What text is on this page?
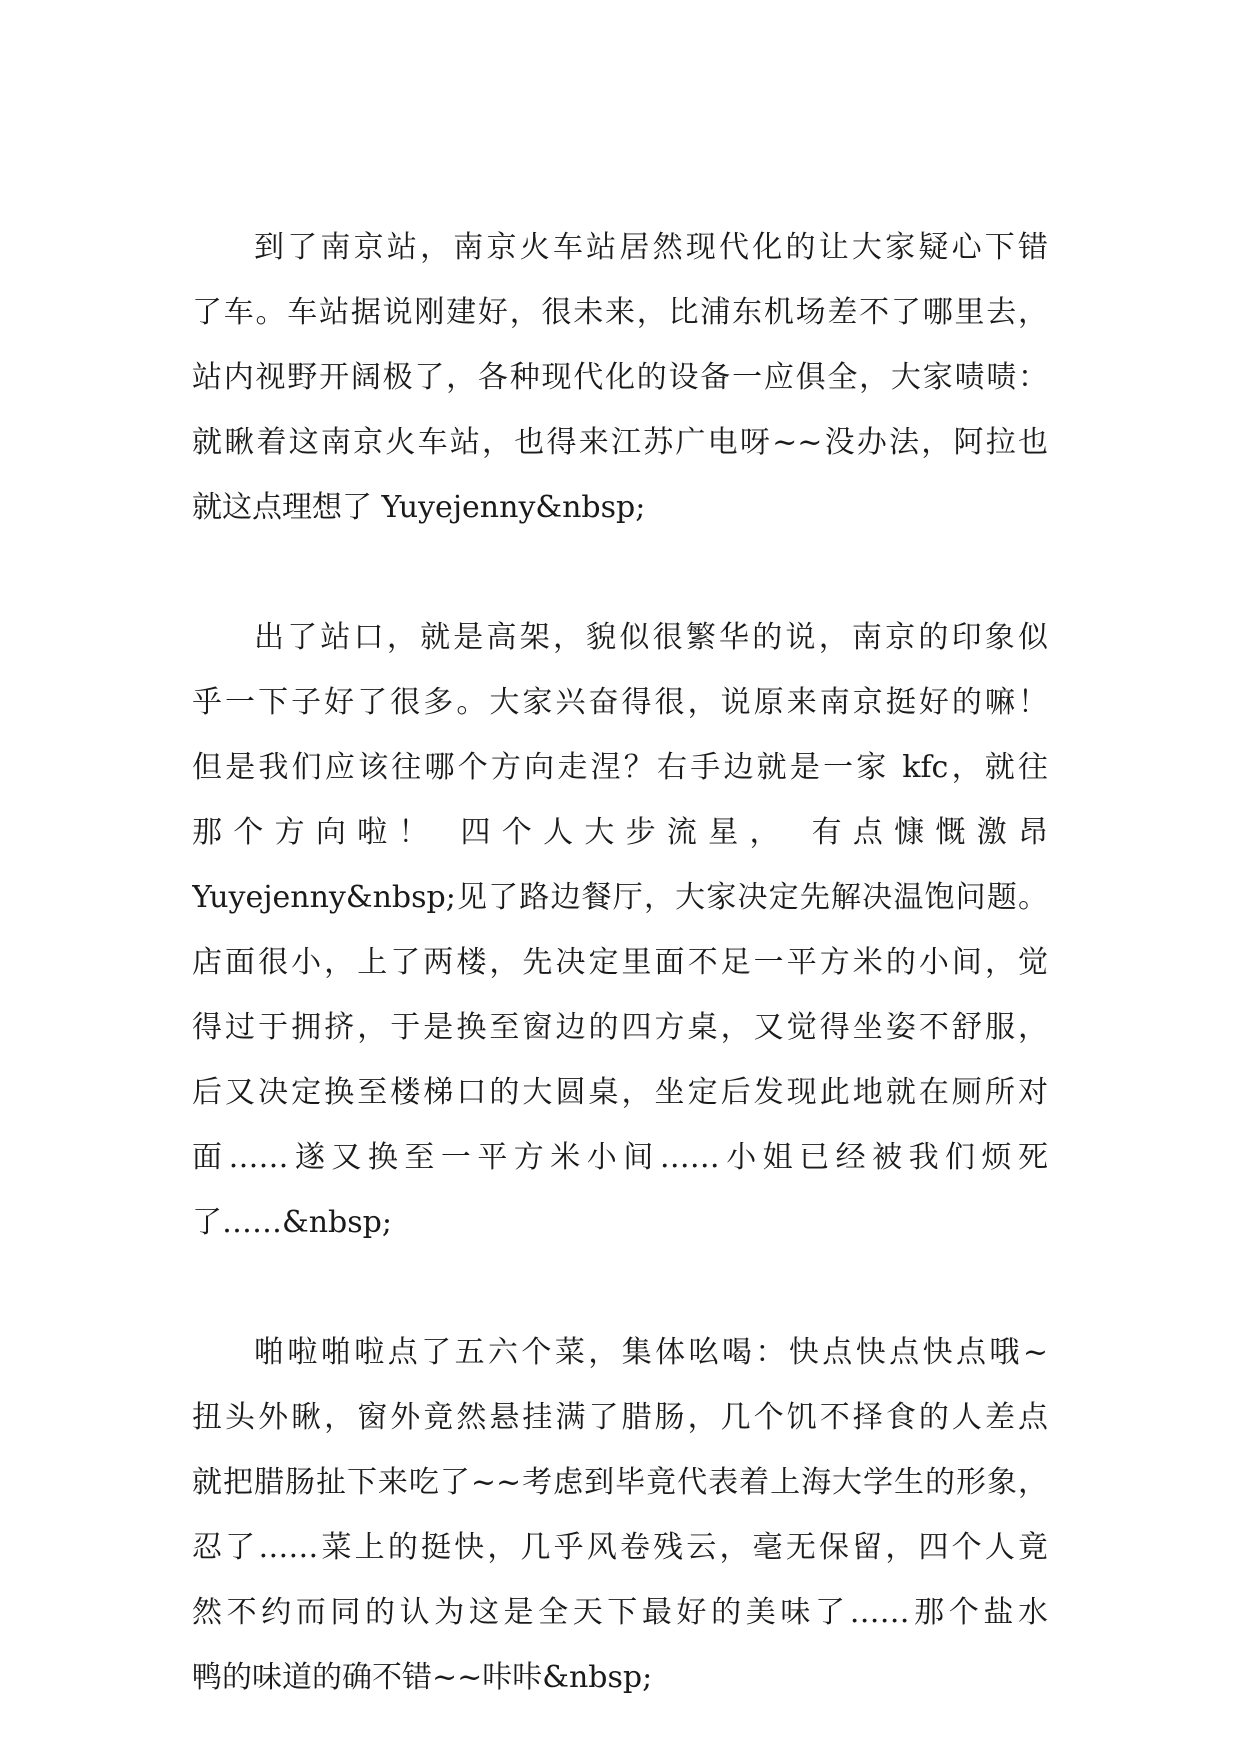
到了南京站，南京火车站居然现代化的让大家疑心下错
了车。车站据说刚建好，很未来，比浦东机场差不了哪里去，
站内视野开阔极了，各种现代化的设备一应俱全，大家啧啧：
就瞅着这南京火车站，也得来江苏广电呀~~没办法，阿拉也
就这点理想了 Yuyejenny&nbsp;
出了站口，就是高架，貌似很繁华的说，南京的印象似
乎一下子好了很多。大家兴奋得很，说原来南京挺好的嘛！
但是我们应该往哪个方向走涅？右手边就是一家 kfc，就往
那个方向啦！ 四个人大步流星， 有点慷慨激昂
Yuyejenny&nbsp;见了路边餐厅，大家决定先解决温饱问题。
店面很小，上了两楼，先决定里面不足一平方米的小间，觉
得过于拥挤，于是换至窗边的四方桌，又觉得坐姿不舒服，
后又决定换至楼梯口的大圆桌，坐定后发现此地就在厕所对
面……遂又换至一平方米小间……小姐已经被我们烦死
了……&nbsp;
啪啦啪啦点了五六个菜，集体吆喝：快点快点快点哦~
扭头外瞅，窗外竟然悬挂满了腊肠，几个饥不择食的人差点
就把腊肠扯下来吃了~~考虑到毕竟代表着上海大学生的形象，
忍了……菜上的挺快，几乎风卷残云，毫无保留，四个人竟
然不约而同的认为这是全天下最好的美味了……那个盐水
鸭的味道的确不错~~咔咔&nbsp;
